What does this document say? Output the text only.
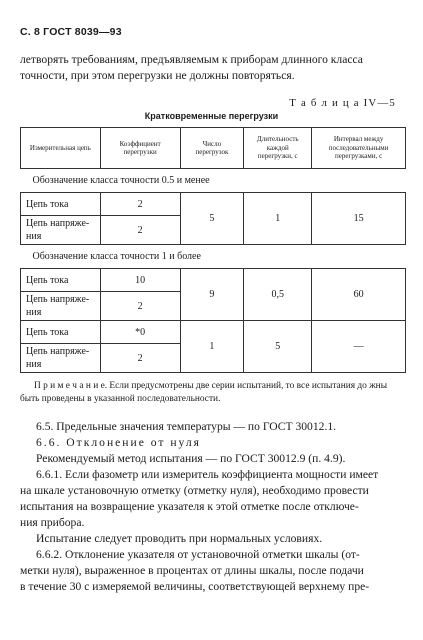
С. 8 ГОСТ 8039—93
летворять требованиям, предъявляемым к приборам длинного класса
точности, при этом перегрузки не должны повторяться.
Т а б л и ц а IV—5
Кратковременные перегрузки
Измерительная цепь	Коэффициент перегрузки	Число перегрузок	Длительность каждой перегрузки, с	Интервал между последовательными перегрузками, с
Обозначение класса точности 0.5 и менее				
Цепь тока	2	5	1	15
Цепь напряже-ния	2			
Обозначение класса точности 1 и более				
Цепь тока	10	9	0,5	60
Цепь напряже-ния	2			
Цепь тока	*0	1	5	—
Цепь напряже-ния	2			
П р и м е ч а н и е. Если предусмотрены две серии испытаний, то все испытания до жны быть проведены в указанной последовательности.
6.5. Предельные значения температуры — по ГОСТ 30012.1.
6.6. Отклонение от нуля
Рекомендуемый метод испытания — по ГОСТ 30012.9 (п. 4.9).
6.6.1. Если фазометр или измеритель коэффициента мощности имеет
на шкале установочную отметку (отметку нуля), необходимо провести
испытания на возвращение указателя к этой отметке после отключе-
ния прибора.
Испытание следует проводить при нормальных условиях.
6.6.2. Отклонение указателя от установочной отметки шкалы (от-
метки нуля), выраженное в процентах от длины шкалы, после подачи
в течение 30 с измеряемой величины, соответствующей верхнему пре-
